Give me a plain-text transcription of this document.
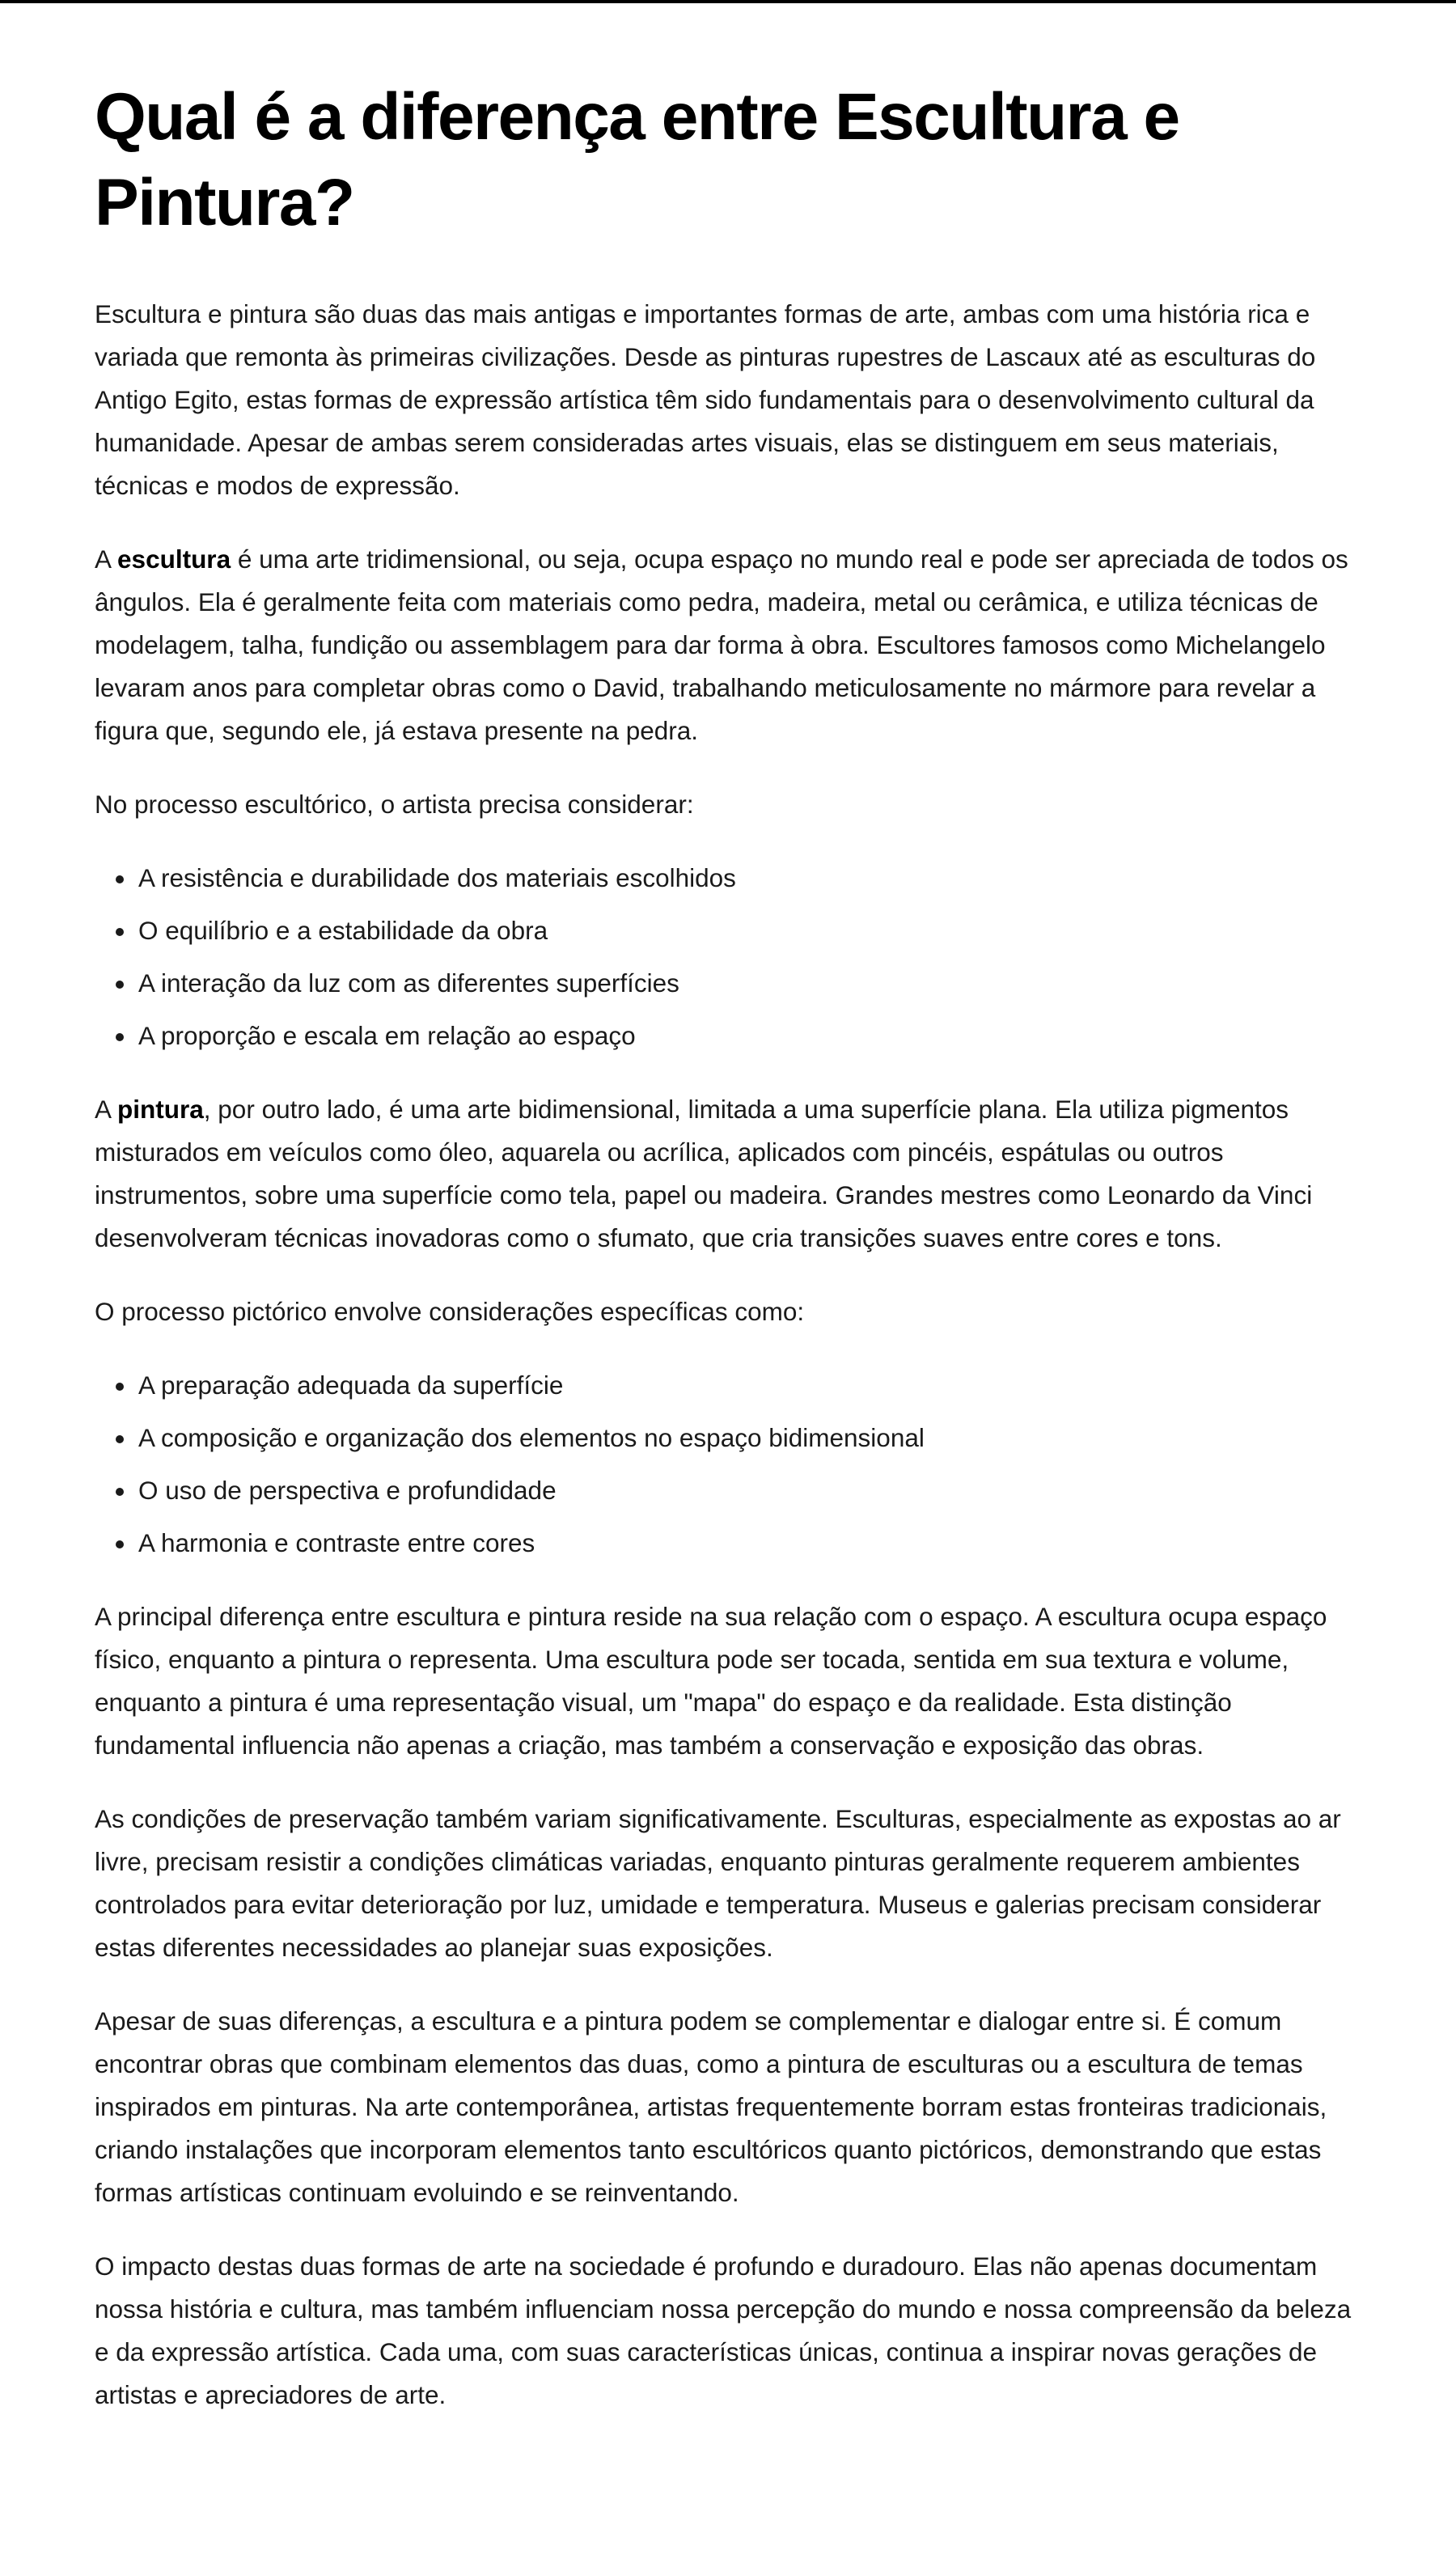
Qual é a diferença entre Escultura e Pintura?

Escultura e pintura são duas das mais antigas e importantes formas de arte, ambas com uma história rica e variada que remonta às primeiras civilizações. Desde as pinturas rupestres de Lascaux até as esculturas do Antigo Egito, estas formas de expressão artística têm sido fundamentais para o desenvolvimento cultural da humanidade. Apesar de ambas serem consideradas artes visuais, elas se distinguem em seus materiais, técnicas e modos de expressão.

A escultura é uma arte tridimensional, ou seja, ocupa espaço no mundo real e pode ser apreciada de todos os ângulos. Ela é geralmente feita com materiais como pedra, madeira, metal ou cerâmica, e utiliza técnicas de modelagem, talha, fundição ou assemblagem para dar forma à obra. Escultores famosos como Michelangelo levaram anos para completar obras como o David, trabalhando meticulosamente no mármore para revelar a figura que, segundo ele, já estava presente na pedra.

No processo escultórico, o artista precisa considerar:

• A resistência e durabilidade dos materiais escolhidos
• O equilíbrio e a estabilidade da obra
• A interação da luz com as diferentes superfícies
• A proporção e escala em relação ao espaço

A pintura, por outro lado, é uma arte bidimensional, limitada a uma superfície plana. Ela utiliza pigmentos misturados em veículos como óleo, aquarela ou acrílica, aplicados com pincéis, espátulas ou outros instrumentos, sobre uma superfície como tela, papel ou madeira. Grandes mestres como Leonardo da Vinci desenvolveram técnicas inovadoras como o sfumato, que cria transições suaves entre cores e tons.

O processo pictórico envolve considerações específicas como:

• A preparação adequada da superfície
• A composição e organização dos elementos no espaço bidimensional
• O uso de perspectiva e profundidade
• A harmonia e contraste entre cores

A principal diferença entre escultura e pintura reside na sua relação com o espaço. A escultura ocupa espaço físico, enquanto a pintura o representa. Uma escultura pode ser tocada, sentida em sua textura e volume, enquanto a pintura é uma representação visual, um "mapa" do espaço e da realidade. Esta distinção fundamental influencia não apenas a criação, mas também a conservação e exposição das obras.

As condições de preservação também variam significativamente. Esculturas, especialmente as expostas ao ar livre, precisam resistir a condições climáticas variadas, enquanto pinturas geralmente requerem ambientes controlados para evitar deterioração por luz, umidade e temperatura. Museus e galerias precisam considerar estas diferentes necessidades ao planejar suas exposições.

Apesar de suas diferenças, a escultura e a pintura podem se complementar e dialogar entre si. É comum encontrar obras que combinam elementos das duas, como a pintura de esculturas ou a escultura de temas inspirados em pinturas. Na arte contemporânea, artistas frequentemente borram estas fronteiras tradicionais, criando instalações que incorporam elementos tanto escultóricos quanto pictóricos, demonstrando que estas formas artísticas continuam evoluindo e se reinventando.

O impacto destas duas formas de arte na sociedade é profundo e duradouro. Elas não apenas documentam nossa história e cultura, mas também influenciam nossa percepção do mundo e nossa compreensão da beleza e da expressão artística. Cada uma, com suas características únicas, continua a inspirar novas gerações de artistas e apreciadores de arte.
